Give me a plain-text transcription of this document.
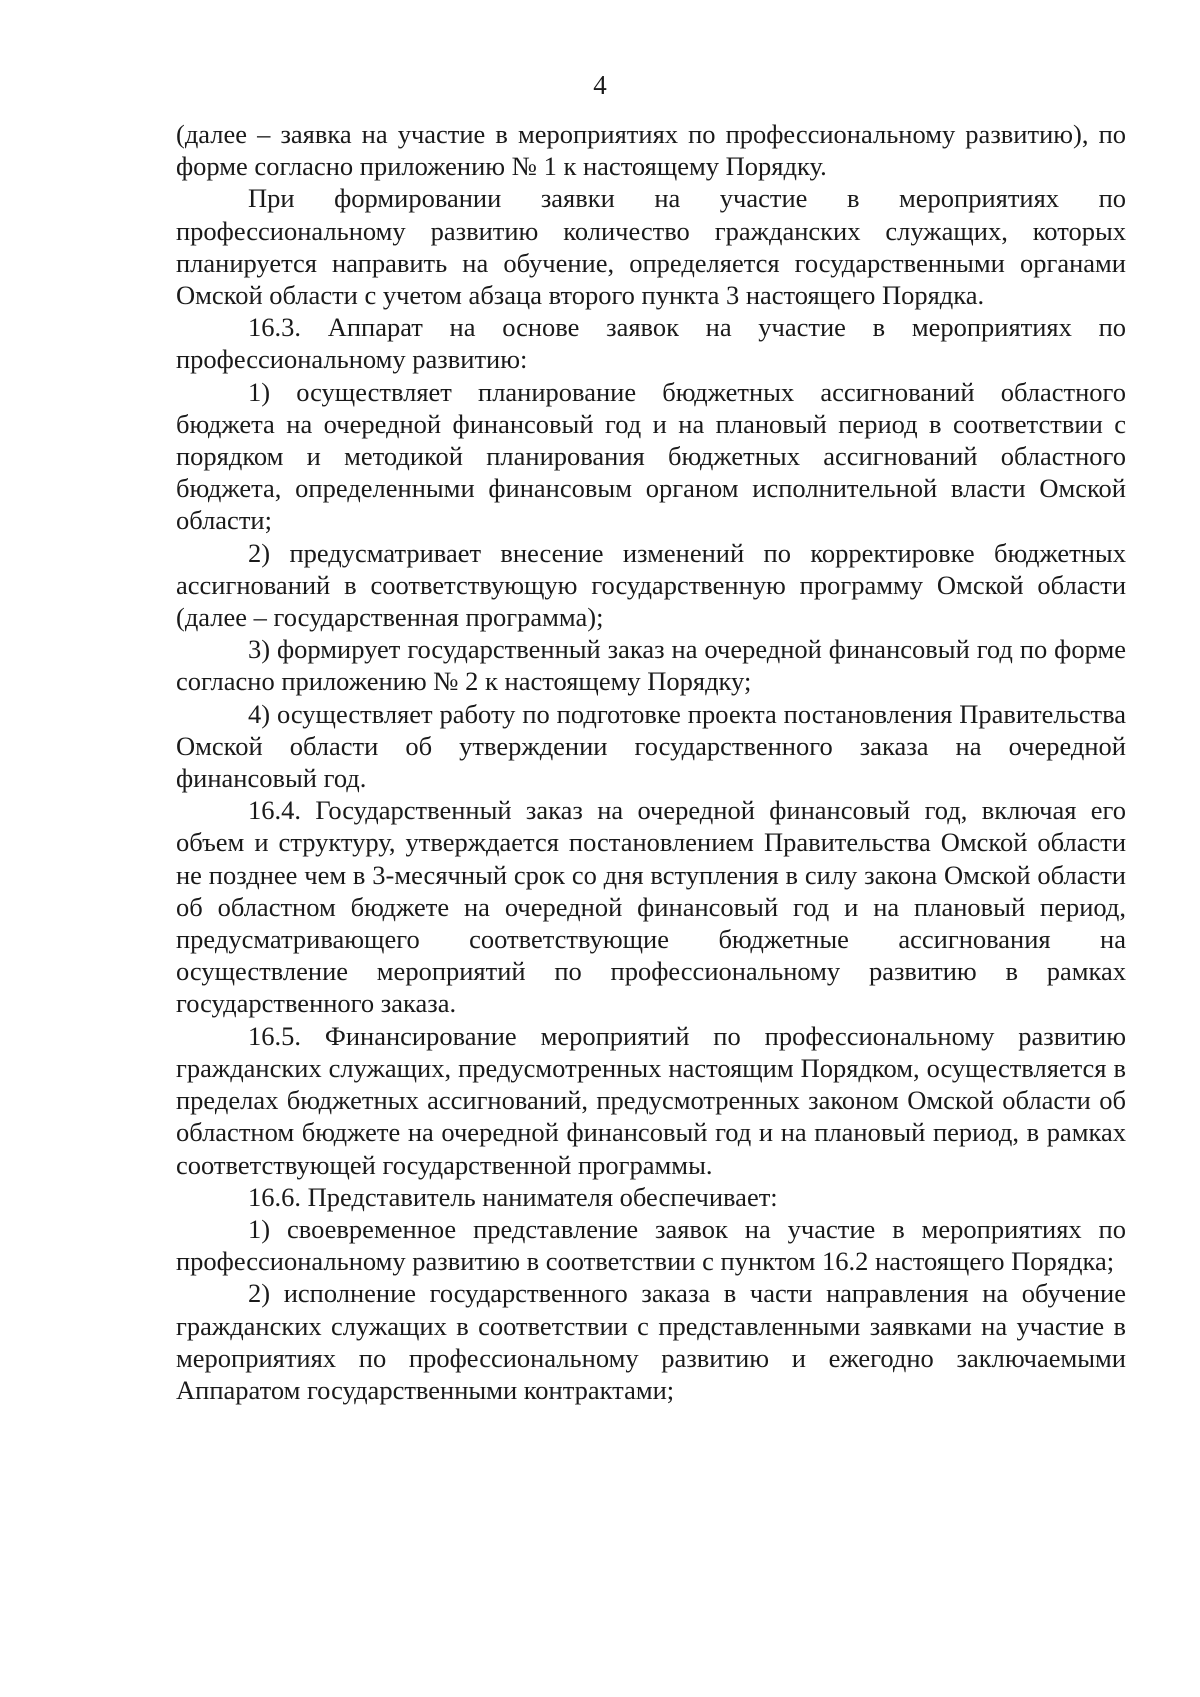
4

(далее – заявка на участие в мероприятиях по профессиональному развитию), по форме согласно приложению № 1 к настоящему Порядку.

При формировании заявки на участие в мероприятиях по профессиональному развитию количество гражданских служащих, которых планируется направить на обучение, определяется государственными органами Омской области с учетом абзаца второго пункта 3 настоящего Порядка.

16.3. Аппарат на основе заявок на участие в мероприятиях по профессиональному развитию:

1) осуществляет планирование бюджетных ассигнований областного бюджета на очередной финансовый год и на плановый период в соответствии с порядком и методикой планирования бюджетных ассигнований областного бюджета, определенными финансовым органом исполнительной власти Омской области;

2) предусматривает внесение изменений по корректировке бюджетных ассигнований в соответствующую государственную программу Омской области (далее – государственная программа);

3) формирует государственный заказ на очередной финансовый год по форме согласно приложению № 2 к настоящему Порядку;

4) осуществляет работу по подготовке проекта постановления Правительства Омской области об утверждении государственного заказа на очередной финансовый год.

16.4. Государственный заказ на очередной финансовый год, включая его объем и структуру, утверждается постановлением Правительства Омской области не позднее чем в 3-месячный срок со дня вступления в силу закона Омской области об областном бюджете на очередной финансовый год и на плановый период, предусматривающего соответствующие бюджетные ассигнования на осуществление мероприятий по профессиональному развитию в рамках государственного заказа.

16.5. Финансирование мероприятий по профессиональному развитию гражданских служащих, предусмотренных настоящим Порядком, осуществляется в пределах бюджетных ассигнований, предусмотренных законом Омской области об областном бюджете на очередной финансовый год и на плановый период, в рамках соответствующей государственной программы.

16.6. Представитель нанимателя обеспечивает:

1) своевременное представление заявок на участие в мероприятиях по профессиональному развитию в соответствии с пунктом 16.2 настоящего Порядка;

2) исполнение государственного заказа в части направления на обучение гражданских служащих в соответствии с представленными заявками на участие в мероприятиях по профессиональному развитию и ежегодно заключаемыми Аппаратом государственными контрактами;
